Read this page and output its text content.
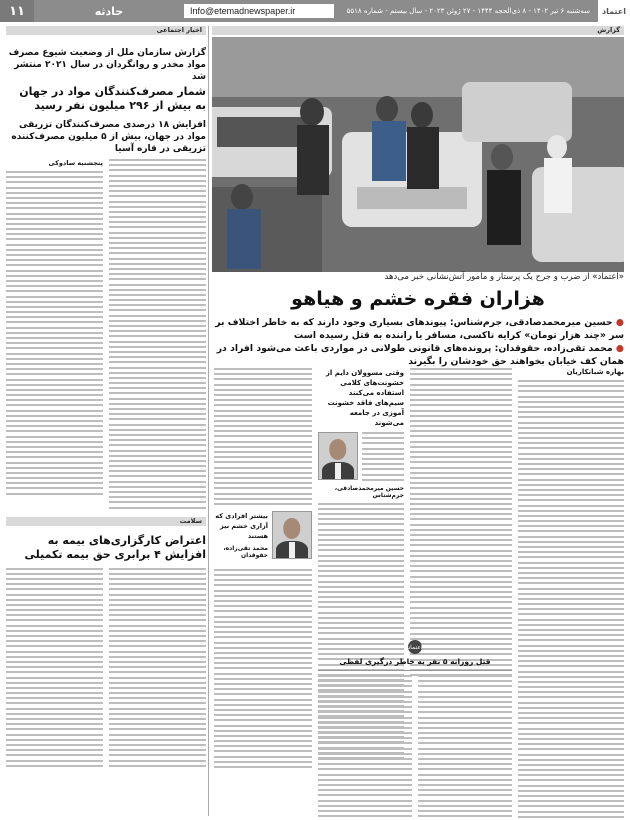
۱۱	حادثه	Info@etemadnewspaper.ir	سه‌شنبه ۶ تیر ۱۴۰۲ - ۸ ذی‌الحجه ۱۴۴۴ - ۲۷ ژوئن ۲۰۲۳ - سال بیستم - شماره ۵۵۱۸	اعتماد
گزارش
اخبار اجتماعی
گزارش سازمان ملل از وضعیت شیوع مصرف مواد مخدر و روانگردان در سال ۲۰۲۱ منتشر شد
شمار مصرف‌کنندگان مواد در جهان به بیش از ۲۹۶ میلیون نفر رسید
افزایش ۱۸ درصدی مصرف‌کنندگان تزریقی مواد در جهان، بیش از ۵ میلیون مصرف‌کننده تزریقی در قاره آسیا
پنجشنبه سادوکی
سلامت
اعتراض کارگزاری‌های بیمه به
افزایش ۴ برابری حق بیمه تکمیلی
«اعتماد» از ضرب و جرح یک پرستار و مامور آتش‌نشانی خبر می‌دهد
هزاران فقره خشم و هیاهو

● حسین میرمحمدصادقی، جرم‌شناس: پیوندهای بسیاری وجود دارند که به خاطر اختلاف بر سر «چند هزار تومان» کرایه تاکسی، مسافر یا راننده به قتل رسیده است

● محمد تقی‌زاده، حقوقدان: پرونده‌های قانونی طولانی در مواردی باعث می‌شود افراد در همان کف خیابان بخواهند حق خودشان را بگیرند

بهاره شبانکاریان
وقتی مسوولان دایم از خشونت‌های کلامی استفاده می‌کنند سیم‌های فاقد خشونت آموزی در جامعه می‌شوند
حسین میرمحمدصادقی، جرم‌شناس
بیشتر افرادی که آزاری خشم نیز هستند
محمد تقی‌زاده، حقوقدان
اعتماد
قتل روزانه ۵ نفر به خاطر درگیری لفظی
